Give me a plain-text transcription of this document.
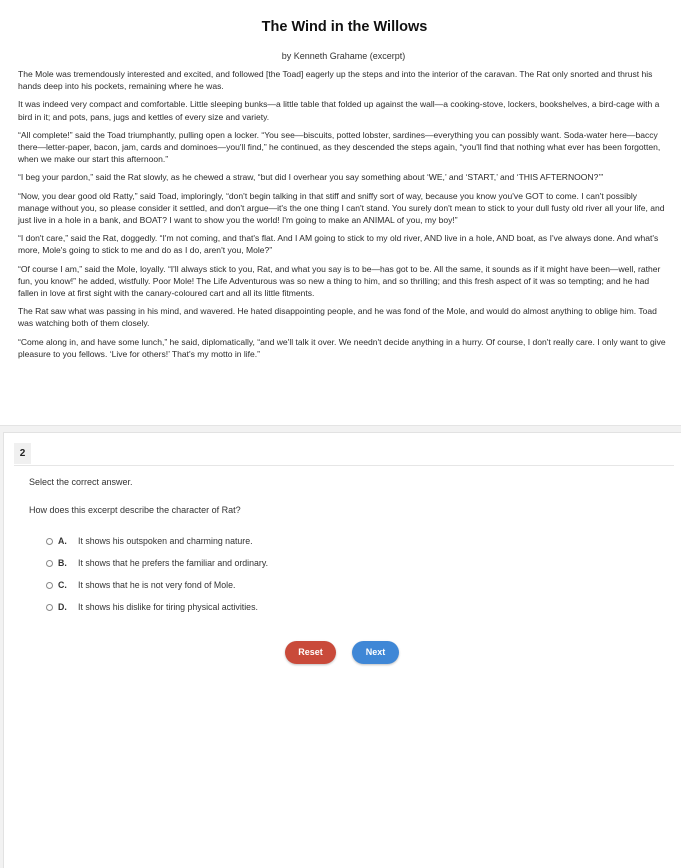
The Wind in the Willows
by Kenneth Grahame (excerpt)

The Mole was tremendously interested and excited, and followed [the Toad] eagerly up the steps and into the interior of the caravan. The Rat only snorted and thrust his hands deep into his pockets, remaining where he was.

It was indeed very compact and comfortable. Little sleeping bunks—a little table that folded up against the wall—a cooking-stove, lockers, bookshelves, a bird-cage with a bird in it; and pots, pans, jugs and kettles of every size and variety.

“All complete!” said the Toad triumphantly, pulling open a locker. “You see—biscuits, potted lobster, sardines—everything you can possibly want. Soda-water here—baccy there—letter-paper, bacon, jam, cards and dominoes—you'll find,” he continued, as they descended the steps again, “you'll find that nothing what ever has been forgotten, when we make our start this afternoon.”

“I beg your pardon,” said the Rat slowly, as he chewed a straw, “but did I overhear you say something about ‘WE,’ and ‘START,’ and ‘THIS AFTERNOON?’”

“Now, you dear good old Ratty,” said Toad, imploringly, “don't begin talking in that stiff and sniffy sort of way, because you know you've GOT to come. I can't possibly manage without you, so please consider it settled, and don't argue—it's the one thing I can't stand. You surely don't mean to stick to your dull fusty old river all your life, and just live in a hole in a bank, and BOAT? I want to show you the world! I'm going to make an ANIMAL of you, my boy!”

“I don't care,” said the Rat, doggedly. “I'm not coming, and that's flat. And I AM going to stick to my old river, AND live in a hole, AND boat, as I've always done. And what's more, Mole's going to stick to me and do as I do, aren't you, Mole?”

“Of course I am,” said the Mole, loyally. “I'll always stick to you, Rat, and what you say is to be—has got to be. All the same, it sounds as if it might have been—well, rather fun, you know!” he added, wistfully. Poor Mole! The Life Adventurous was so new a thing to him, and so thrilling; and this fresh aspect of it was so tempting; and he had fallen in love at first sight with the canary-coloured cart and all its little fitments.

The Rat saw what was passing in his mind, and wavered. He hated disappointing people, and he was fond of the Mole, and would do almost anything to oblige him. Toad was watching both of them closely.

“Come along in, and have some lunch,” he said, diplomatically, “and we'll talk it over. We needn't decide anything in a hurry. Of course, I don't really care. I only want to give pleasure to you fellows. ‘Live for others!’ That's my motto in life.”

2
Select the correct answer.
How does this excerpt describe the character of Rat?
A.	It shows his outspoken and charming nature.
B.	It shows that he prefers the familiar and ordinary.
C.	It shows that he is not very fond of Mole.
D.	It shows his dislike for tiring physical activities.
Reset	Next
